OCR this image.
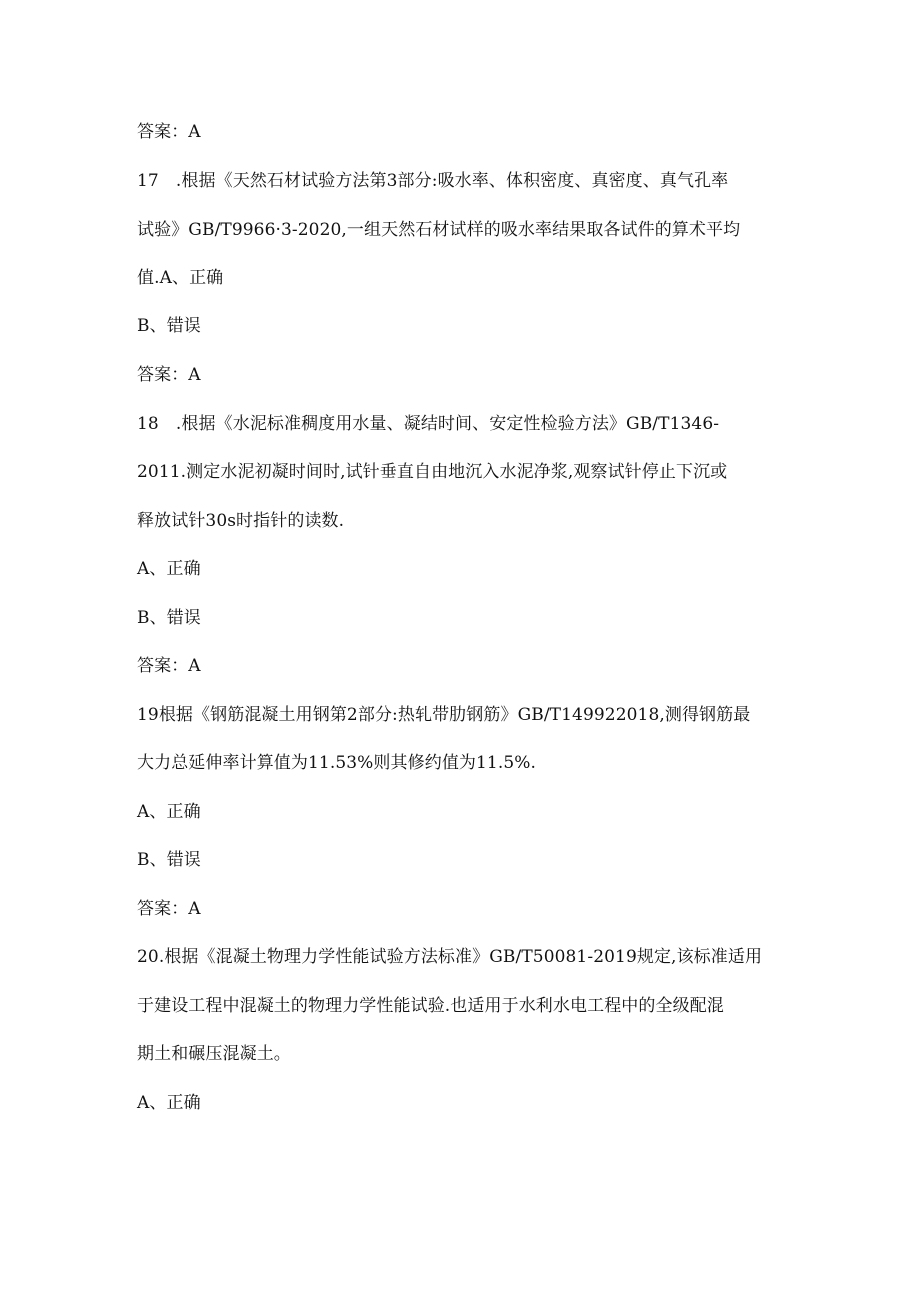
答案：A
17　.根据《天然石材试验方法第3部分:吸水率、体积密度、真密度、真气孔率
试验》GB/T9966·3-2020,一组天然石材试样的吸水率结果取各试件的算术平均
值.A、正确
B、错误
答案：A
18　.根据《水泥标准稠度用水量、凝结时间、安定性检验方法》GB/T1346-
2011.测定水泥初凝时间时,试针垂直自由地沉入水泥净浆,观察试针停止下沉或
释放试针30s时指针的读数.
A、正确
B、错误
答案：A
19根据《钢筋混凝土用钢第2部分:热轧带肋钢筋》GB/T149922018,测得钢筋最
大力总延伸率计算值为11.53%则其修约值为11.5%.
A、正确
B、错误
答案：A
20.根据《混凝土物理力学性能试验方法标准》GB/T50081-2019规定,该标准适用
于建设工程中混凝土的物理力学性能试验.也适用于水利水电工程中的全级配混
期土和碾压混凝土。
A、正确
